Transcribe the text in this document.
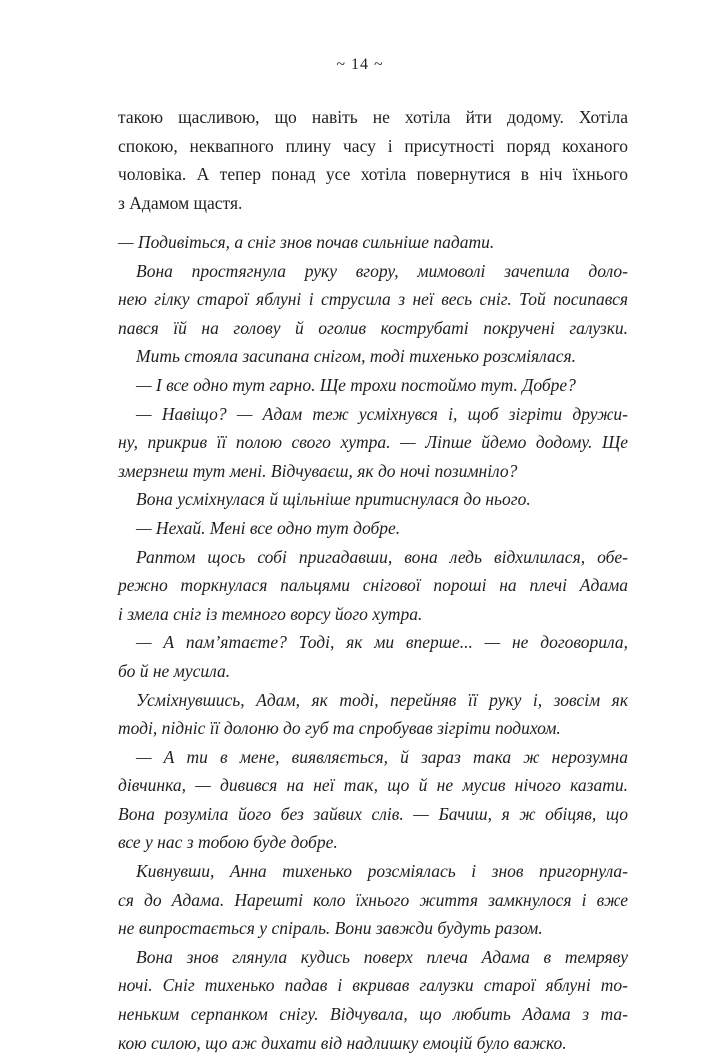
~ 14 ~
такою щасливою, що навіть не хотіла йти додому. Хотіла
спокою, неквапного плину часу і присутності поряд коханого
чоловіка. А тепер понад усе хотіла повернутися в ніч їхнього
з Адамом щастя.
— Подивіться, а сніг знов почав сильніше падати.
Вона простягнула руку вгору, мимоволі зачепила доло-
нею гілку старої яблуні і струсила з неї весь сніг. Той посипався
пався їй на голову й оголив кострубаті покручені галузки.
Мить стояла засипана снігом, тоді тихенько розсміялася.
— І все одно тут гарно. Ще трохи постоймо тут. Добре?
— Навіщо? — Адам теж усміхнувся і, щоб зігріти дружи-
ну, прикрив її полою свого хутра. — Ліпше йдемо додому. Ще
змерзнеш тут мені. Відчуваєш, як до ночі позимніло?
Вона усміхнулася й щільніше притиснулася до нього.
— Нехай. Мені все одно тут добре.
Раптом щось собі пригадавши, вона ледь відхилилася, обе-
режно торкнулася пальцями снігової пороші на плечі Адама
і змела сніг із темного ворсу його хутра.
— А пам’ятаєте? Тоді, як ми вперше... — не договорила,
бо й не мусила.
Усміхнувшись, Адам, як тоді, перейняв її руку і, зовсім як
тоді, підніс її долоню до губ та спробував зігріти подихом.
— А ти в мене, виявляється, й зараз така ж нерозумна
дівчинка, — дивився на неї так, що й не мусив нічого казати.
Вона розуміла його без зайвих слів. — Бачиш, я ж обіцяв, що
все у нас з тобою буде добре.
Кивнувши, Анна тихенько розсміялась і знов пригорнула-
ся до Адама. Нарешті коло їхнього життя замкнулося і вже
не випростається у спіраль. Вони завжди будуть разом.
Вона знов глянула кудись поверх плеча Адама в темряву
ночі. Сніг тихенько падав і вкривав галузки старої яблуні то-
неньким серпанком снігу. Відчувала, що любить Адама з та-
кою силою, що аж дихати від надлишку емоцій було важко.
